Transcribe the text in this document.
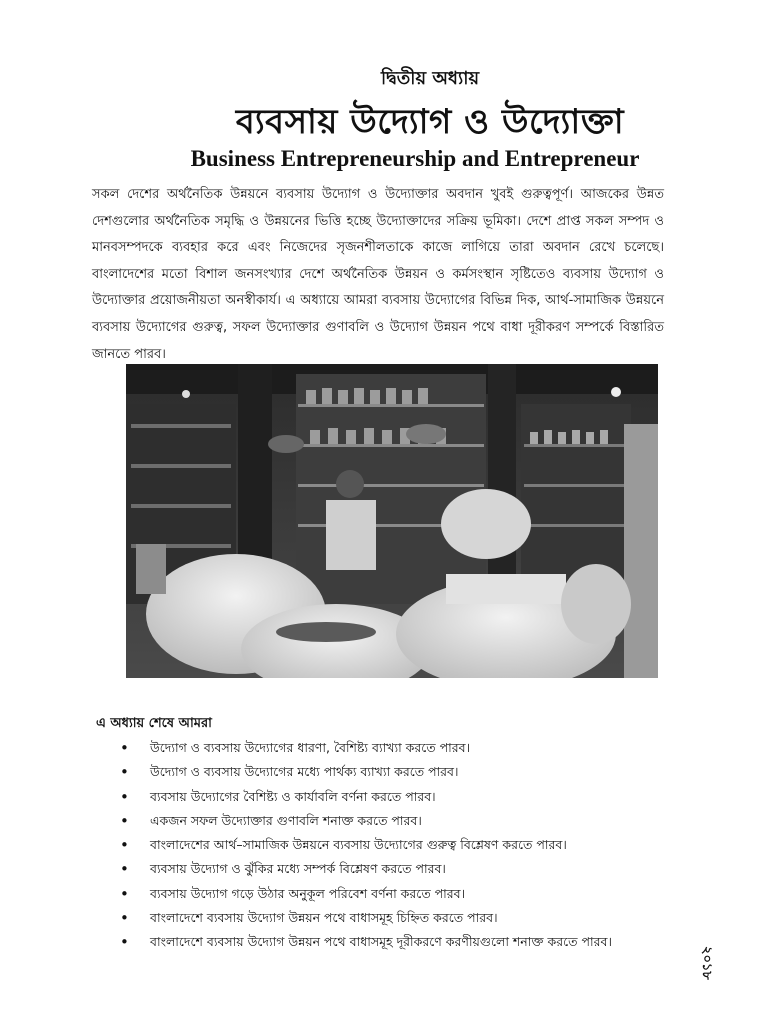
দ্বিতীয় অধ্যায়
ব্যবসায় উদ্যোগ ও উদ্যোক্তা
Business Entrepreneurship and Entrepreneur

সকল দেশের অর্থনৈতিক উন্নয়নে ব্যবসায় উদ্যোগ ও উদ্যোক্তার অবদান খুবই গুরুত্বপূর্ণ। আজকের উন্নত দেশগুলোর অর্থনৈতিক সমৃদ্ধি ও উন্নয়নের ভিত্তি হচ্ছে উদ্যোক্তাদের সক্রিয় ভূমিকা। দেশে প্রাপ্ত সকল সম্পদ ও মানবসম্পদকে ব্যবহার করে এবং নিজেদের সৃজনশীলতাকে কাজে লাগিয়ে তারা অবদান রেখে চলেছে। বাংলাদেশের মতো বিশাল জনসংখ্যার দেশে অর্থনৈতিক উন্নয়ন ও কর্মসংস্থান সৃষ্টিতেও ব্যবসায় উদ্যোগ ও উদ্যোক্তার প্রয়োজনীয়তা অনস্বীকার্য। এ অধ্যায়ে আমরা ব্যবসায় উদ্যোগের বিভিন্ন দিক, আর্থ-সামাজিক উন্নয়নে ব্যবসায় উদ্যোগের গুরুত্ব, সফল উদ্যোক্তার গুণাবলি ও উদ্যোগ উন্নয়ন পথে বাধা দূরীকরণ সম্পর্কে বিস্তারিত জানতে পারব।

এ অধ্যায় শেষে আমরা
• উদ্যোগ ও ব্যবসায় উদ্যোগের ধারণা, বৈশিষ্ট্য ব্যাখ্যা করতে পারব।
• উদ্যোগ ও ব্যবসায় উদ্যোগের মধ্যে পার্থক্য ব্যাখ্যা করতে পারব।
• ব্যবসায় উদ্যোগের বৈশিষ্ট্য ও কার্যাবলি বর্ণনা করতে পারব।
• একজন সফল উদ্যোক্তার গুণাবলি শনাক্ত করতে পারব।
• বাংলাদেশের আর্থ–সামাজিক উন্নয়নে ব্যবসায় উদ্যোগের গুরুত্ব বিশ্লেষণ করতে পারব।
• ব্যবসায় উদ্যোগ ও ঝুঁকির মধ্যে সম্পর্ক বিশ্লেষণ করতে পারব।
• ব্যবসায় উদ্যোগ গড়ে উঠার অনুকূল পরিবেশ বর্ণনা করতে পারব।
• বাংলাদেশে ব্যবসায় উদ্যোগ উন্নয়ন পথে বাধাসমূহ চিহ্নিত করতে পারব।
• বাংলাদেশে ব্যবসায় উদ্যোগ উন্নয়ন পথে বাধাসমূহ দূরীকরণে করণীয়গুলো শনাক্ত করতে পারব।
২০১৮
